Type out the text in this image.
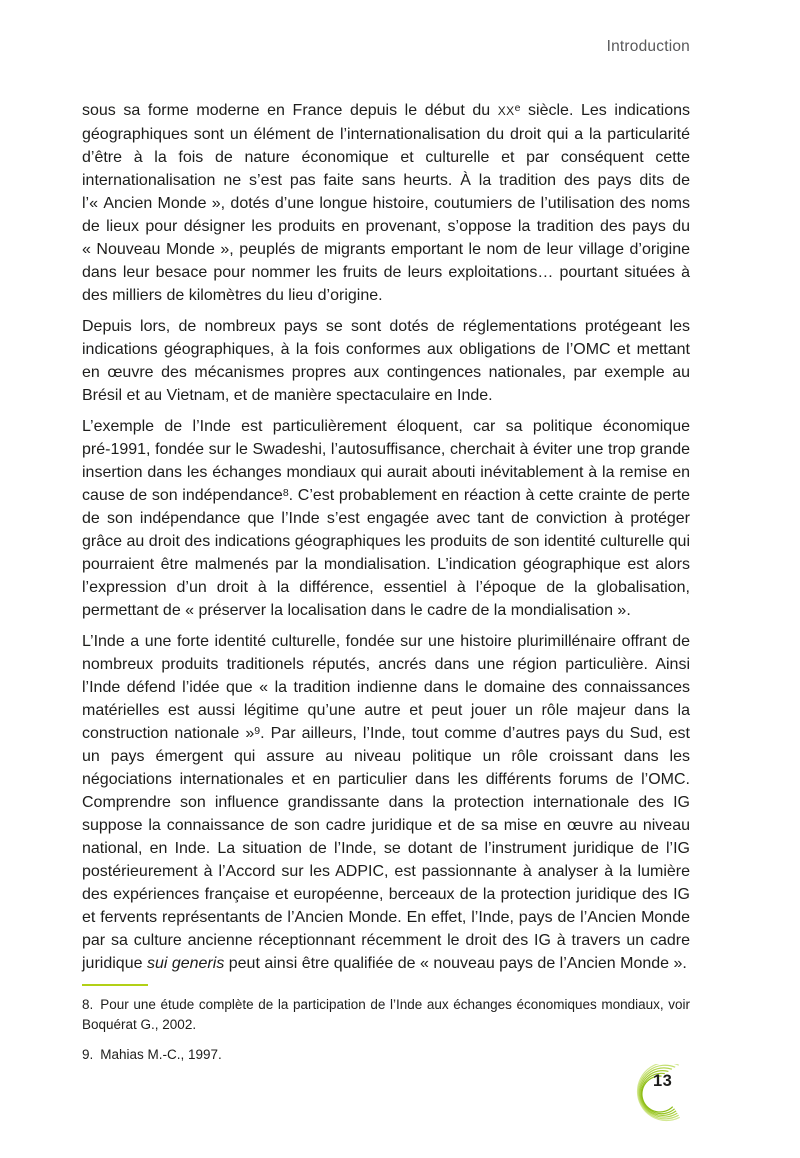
Introduction

sous sa forme moderne en France depuis le début du XXe siècle. Les indications géographiques sont un élément de l’internationalisation du droit qui a la particularité d’être à la fois de nature économique et culturelle et par conséquent cette internationalisation ne s’est pas faite sans heurts. À la tradition des pays dits de l’« Ancien Monde », dotés d’une longue histoire, coutumiers de l’utilisation des noms de lieux pour désigner les produits en provenant, s’oppose la tradition des pays du « Nouveau Monde », peuplés de migrants emportant le nom de leur village d’origine dans leur besace pour nommer les fruits de leurs exploitations… pourtant situées à des milliers de kilomètres du lieu d’origine.

Depuis lors, de nombreux pays se sont dotés de réglementations protégeant les indications géographiques, à la fois conformes aux obligations de l’OMC et mettant en œuvre des mécanismes propres aux contingences nationales, par exemple au Brésil et au Vietnam, et de manière spectaculaire en Inde.

L’exemple de l’Inde est particulièrement éloquent, car sa politique économique pré-1991, fondée sur le Swadeshi, l’autosuffisance, cherchait à éviter une trop grande insertion dans les échanges mondiaux qui aurait abouti inévitablement à la remise en cause de son indépendance$^8$. C’est probablement en réaction à cette crainte de perte de son indépendance que l’Inde s’est engagée avec tant de conviction à protéger grâce au droit des indications géographiques les produits de son identité culturelle qui pourraient être malmenés par la mondialisation. L’indication géographique est alors l’expression d’un droit à la différence, essentiel à l’époque de la globalisation, permettant de « préserver la localisation dans le cadre de la mondialisation ».

L’Inde a une forte identité culturelle, fondée sur une histoire plurimillénaire offrant de nombreux produits traditionels réputés, ancrés dans une région particulière. Ainsi l’Inde défend l’idée que « la tradition indienne dans le domaine des connaissances matérielles est aussi légitime qu’une autre et peut jouer un rôle majeur dans la construction nationale »$^9$. Par ailleurs, l’Inde, tout comme d’autres pays du Sud, est un pays émergent qui assure au niveau politique un rôle croissant dans les négociations internationales et en particulier dans les différents forums de l’OMC. Comprendre son influence grandissante dans la protection internationale des IG suppose la connaissance de son cadre juridique et de sa mise en œuvre au niveau national, en Inde. La situation de l’Inde, se dotant de l’instrument juridique de l’IG postérieurement à l’Accord sur les ADPIC, est passionnante à analyser à la lumière des expériences française et européenne, berceaux de la protection juridique des IG et fervents représentants de l’Ancien Monde. En effet, l’Inde, pays de l’Ancien Monde par sa culture ancienne réceptionnant récemment le droit des IG à travers un cadre juridique sui generis peut ainsi être qualifiée de « nouveau pays de l’Ancien Monde ».

8. Pour une étude complète de la participation de l’Inde aux échanges économiques mondiaux, voir Boquérat G., 2002.

9. Mahias M.-C., 1997.

13
